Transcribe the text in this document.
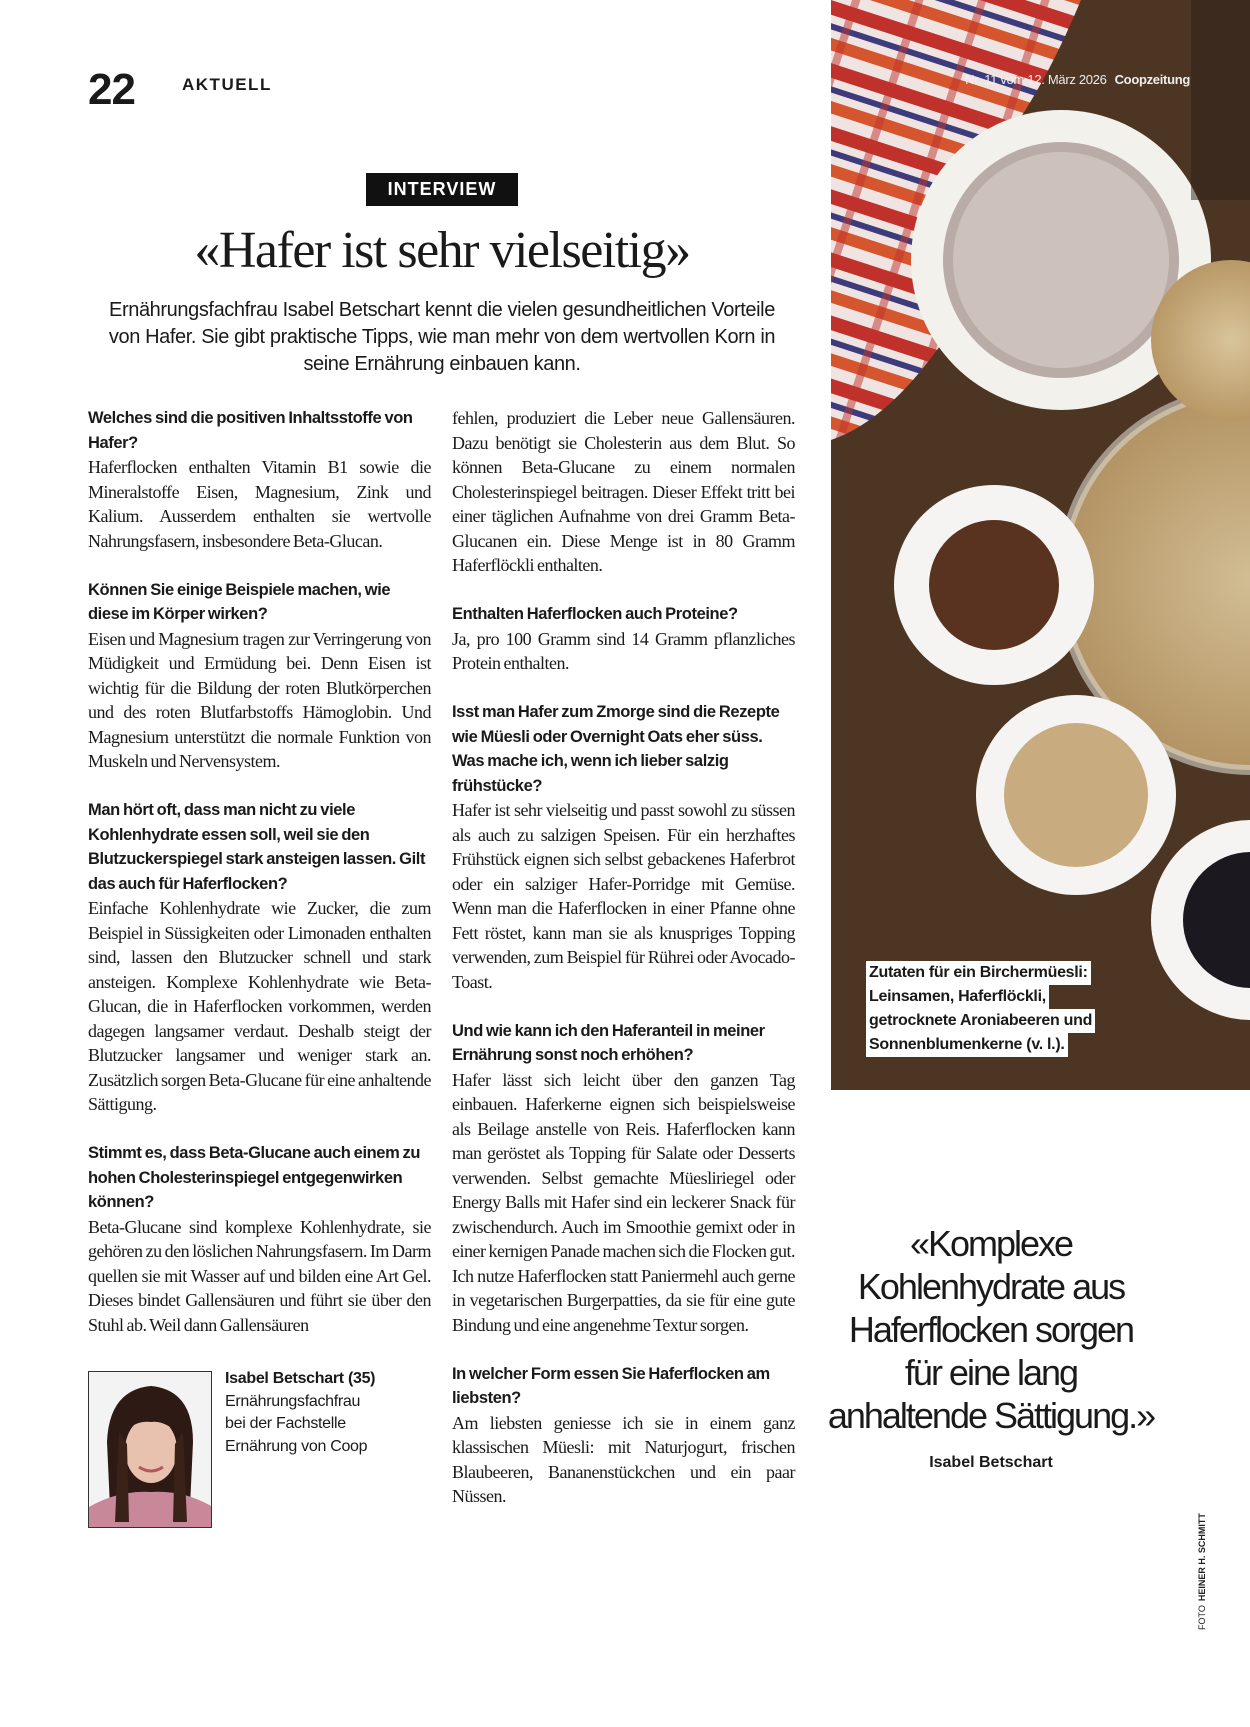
22	AKTUELL
INTERVIEW
«Hafer ist sehr vielseitig»
Ernährungsfachfrau Isabel Betschart kennt die vielen gesundheitlichen Vorteile von Hafer. Sie gibt praktische Tipps, wie man mehr von dem wertvollen Korn in seine Ernährung einbauen kann.
Welches sind die positiven Inhaltsstoffe von Hafer?

Haferflocken enthalten Vitamin B1 sowie die Mineralstoffe Eisen, Magnesium, Zink und Kalium. Ausserdem enthalten sie wertvolle Nahrungsfasern, insbesondere Beta-Glucan.

Können Sie einige Beispiele machen, wie diese im Körper wirken?

Eisen und Magnesium tragen zur Verringerung von Müdigkeit und Ermüdung bei. Denn Eisen ist wichtig für die Bildung der roten Blutkörperchen und des roten Blutfarbstoffs Hämoglobin. Und Magnesium unterstützt die normale Funktion von Muskeln und Nervensystem.

Man hört oft, dass man nicht zu viele Kohlenhydrate essen soll, weil sie den Blutzuckerspiegel stark ansteigen lassen. Gilt das auch für Haferflocken?

Einfache Kohlenhydrate wie Zucker, die zum Beispiel in Süssigkeiten oder Limonaden enthalten sind, lassen den Blutzucker schnell und stark ansteigen. Komplexe Kohlenhydrate wie Beta-Glucan, die in Haferflocken vorkommen, werden dagegen langsamer verdaut. Deshalb steigt der Blutzucker langsamer und weniger stark an. Zusätzlich sorgen Beta-Glucane für eine anhaltende Sättigung.

Stimmt es, dass Beta-Glucane auch einem zu hohen Cholesterinspiegel entgegenwirken können?

Beta-Glucane sind komplexe Kohlenhydrate, sie gehören zu den löslichen Nahrungsfasern. Im Darm quellen sie mit Wasser auf und bilden eine Art Gel. Dieses bindet Gallensäuren und führt sie über den Stuhl ab. Weil dann Gallensäuren

Isabel Betschart (35)
Ernährungsfachfrau
bei der Fachstelle
Ernährung von Coop

fehlen, produziert die Leber neue Gallensäuren. Dazu benötigt sie Cholesterin aus dem Blut. So können Beta-Glucane zu einem normalen Cholesterinspiegel beitragen. Dieser Effekt tritt bei einer täglichen Aufnahme von drei Gramm Beta-Glucanen ein. Diese Menge ist in 80 Gramm Haferflöckli enthalten.

Enthalten Haferflocken auch Proteine?

Ja, pro 100 Gramm sind 14 Gramm pflanzliches Protein enthalten.

Isst man Hafer zum Zmorge sind die Rezepte wie Müesli oder Overnight Oats eher süss. Was mache ich, wenn ich lieber salzig frühstücke?

Hafer ist sehr vielseitig und passt sowohl zu süssen als auch zu salzigen Speisen. Für ein herzhaftes Frühstück eignen sich selbst gebackenes Haferbrot oder ein salziger Hafer-Porridge mit Gemüse. Wenn man die Haferflocken in einer Pfanne ohne Fett röstet, kann man sie als knuspriges Topping verwenden, zum Beispiel für Rührei oder Avocado-Toast.

Und wie kann ich den Haferanteil in meiner Ernährung sonst noch erhöhen?

Hafer lässt sich leicht über den ganzen Tag einbauen. Haferkerne eignen sich beispielsweise als Beilage anstelle von Reis. Haferflocken kann man geröstet als Topping für Salate oder Desserts verwenden. Selbst gemachte Müesliriegel oder Energy Balls mit Hafer sind ein leckerer Snack für zwischendurch. Auch im Smoothie gemixt oder in einer kernigen Panade machen sich die Flocken gut. Ich nutze Haferflocken statt Paniermehl auch gerne in vegetarischen Burgerpatties, da sie für eine gute Bindung und eine angenehme Textur sorgen.

In welcher Form essen Sie Haferflocken am liebsten?

Am liebsten geniesse ich sie in einem ganz klassischen Müesli: mit Naturjogurt, frischen Blaubeeren, Bananenstückchen und ein paar Nüssen.

Nr. 11 vom 12. März 2026 Coopzeitung
Zutaten für ein Birchermüesli:
Leinsamen, Haferflöckli,
getrocknete Aroniabeeren und
Sonnenblumenkerne (v. l.).
«Komplexe
Kohlenhydrate aus
Haferflocken sorgen
für eine lang
anhaltende Sättigung.»
Isabel Betschart
FOTOHEINER H. SCHMITT
